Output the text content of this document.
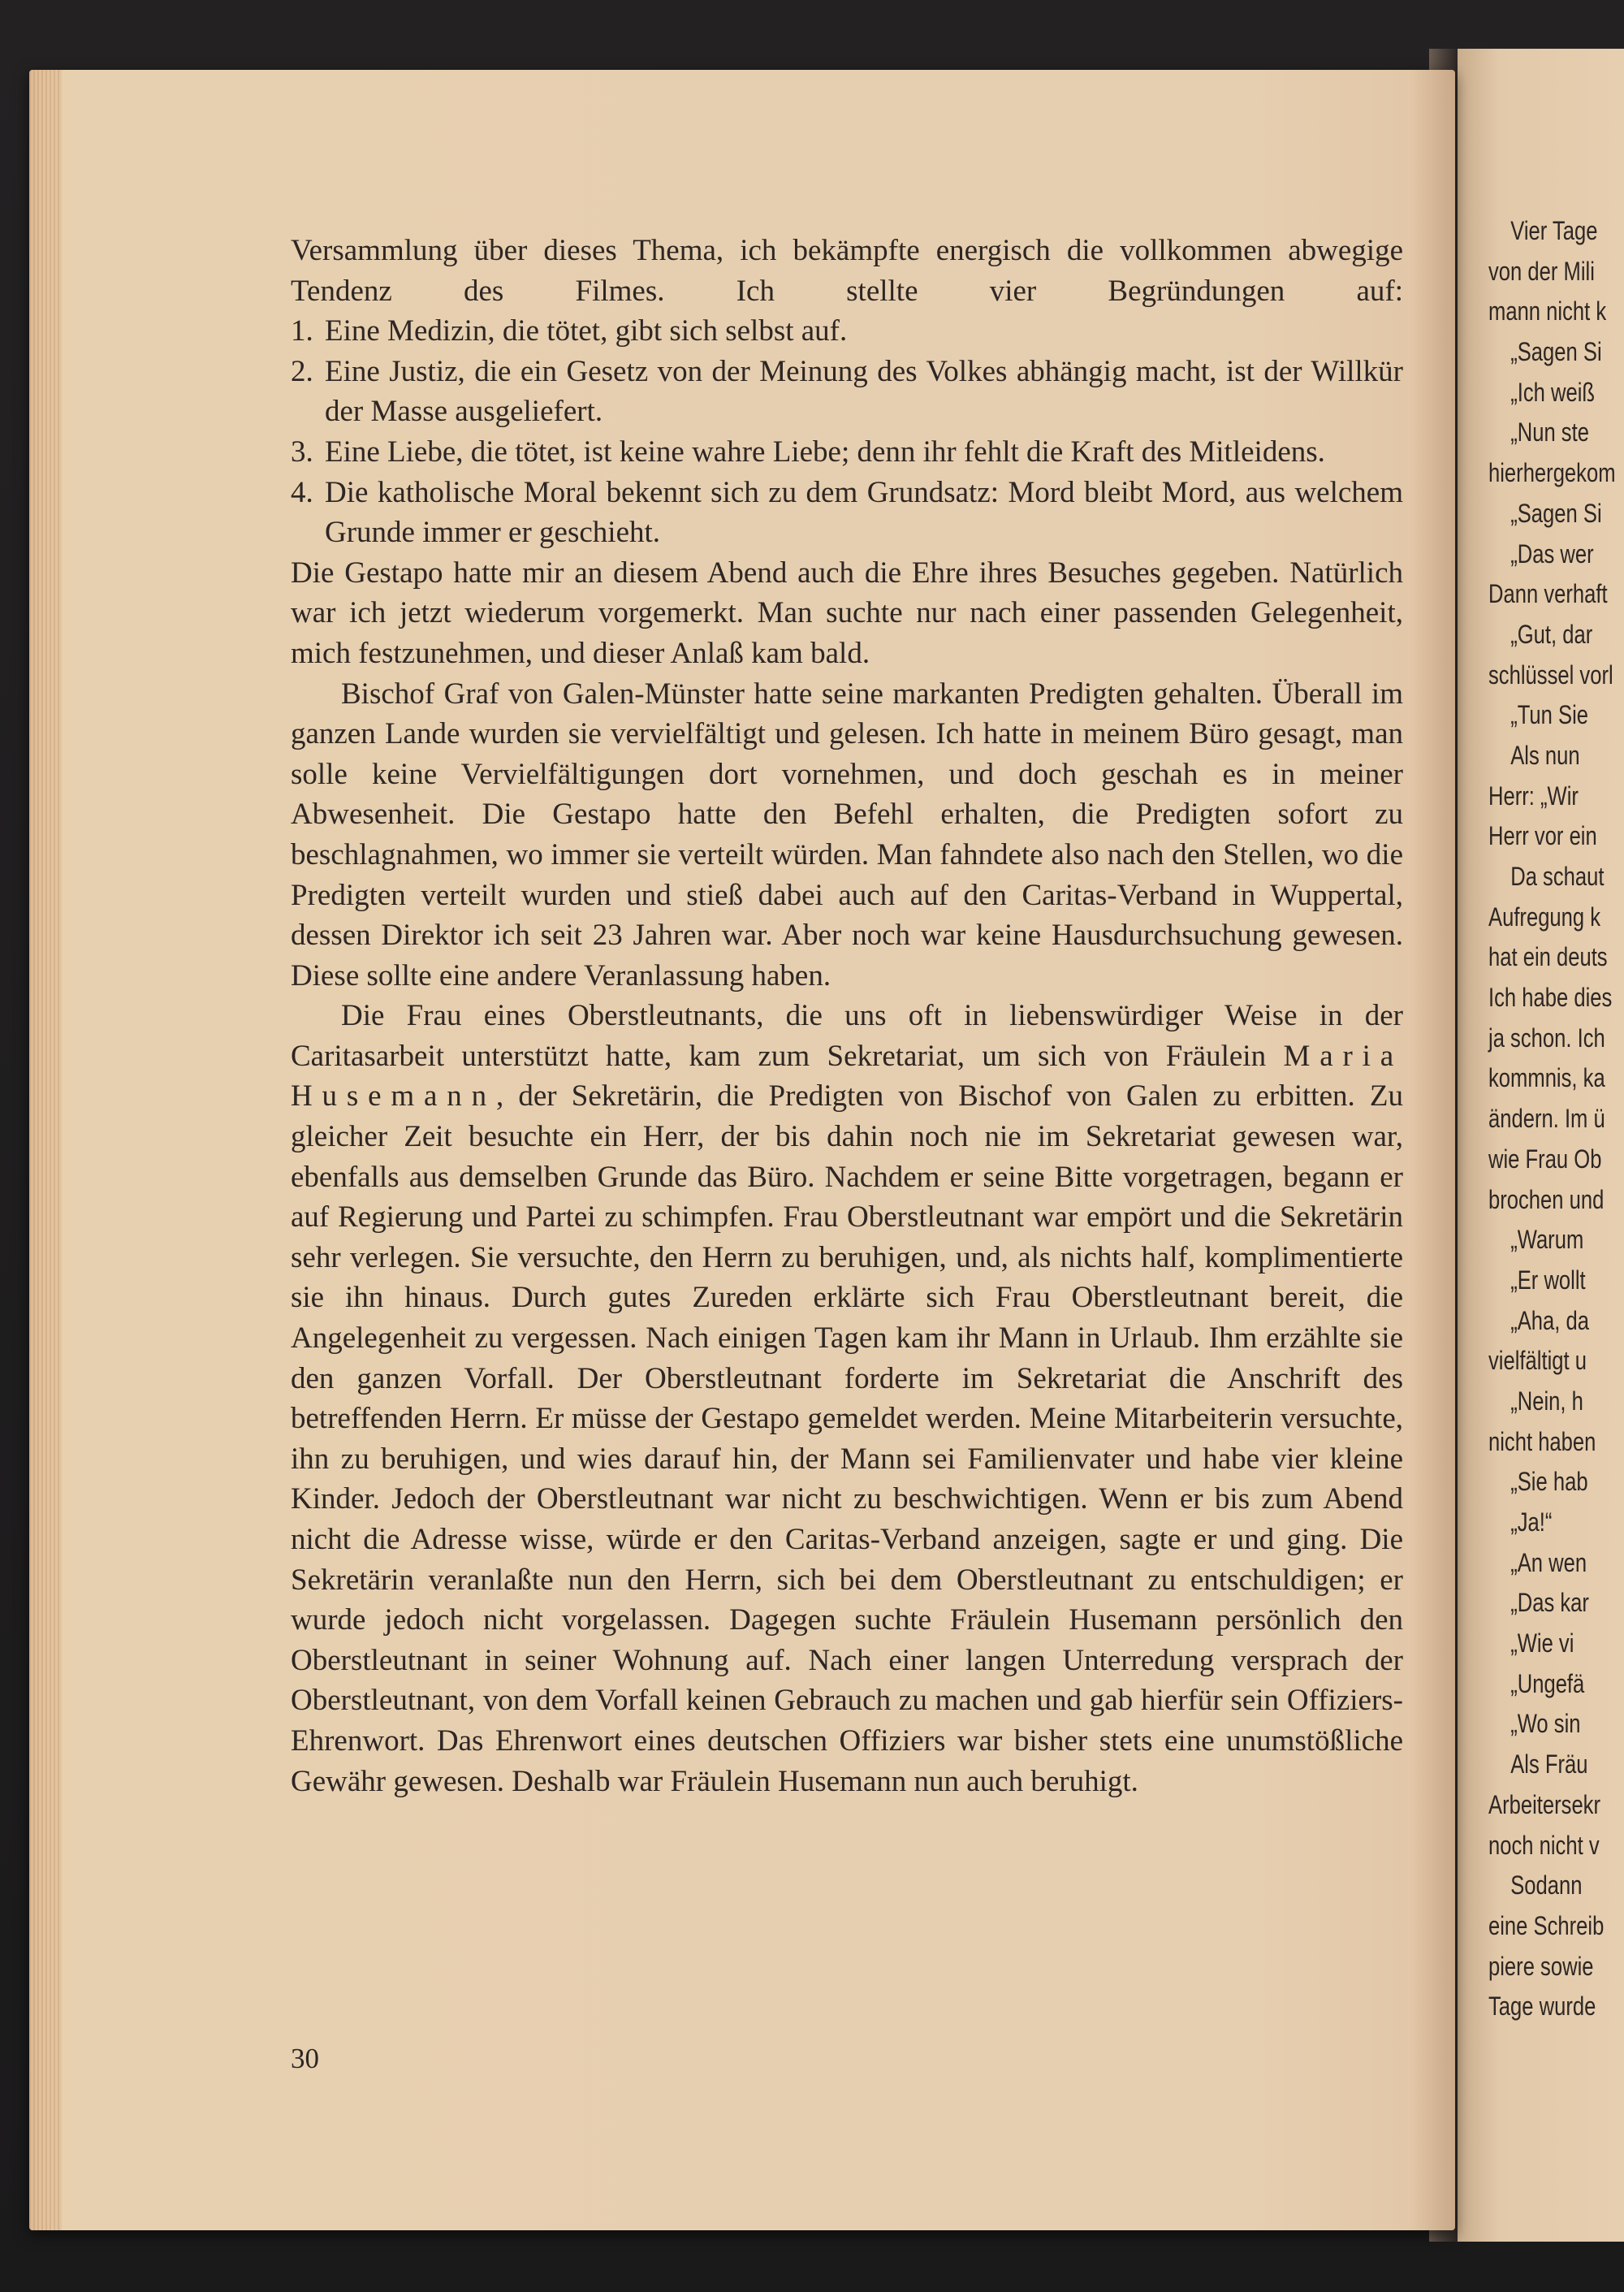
Vier Tage
von der Mili
mann nicht k
„Sagen Si
„Ich weiß
„Nun ste
hierhergekom
„Sagen Si
„Das wer
Dann verhaft
„Gut, dar
schlüssel vorl
„Tun Sie
Als nun
Herr: „Wir
Herr vor ein
Da schaut
Aufregung k
hat ein deuts
Ich habe dies
ja schon. Ich
kommnis, ka
ändern. Im ü
wie Frau Ob
brochen und
„Warum
„Er wollt
„Aha, da
vielfältigt u
„Nein, h
nicht haben
„Sie hab
„Ja!“
„An wen
„Das kar
„Wie vi
„Ungefä
„Wo sin
Als Fräu
Arbeitersekr
noch nicht v
Sodann
eine Schreib
piere sowie
Tage wurde

Versammlung über dieses Thema, ich bekämpfte energisch die vollkommen abwegige Tendenz des Filmes. Ich stellte vier Begründungen auf:

1. Eine Medizin, die tötet, gibt sich selbst auf.
2. Eine Justiz, die ein Gesetz von der Meinung des Volkes abhängig macht, ist der Willkür der Masse ausgeliefert.
3. Eine Liebe, die tötet, ist keine wahre Liebe; denn ihr fehlt die Kraft des Mitleidens.
4. Die katholische Moral bekennt sich zu dem Grundsatz: Mord bleibt Mord, aus welchem Grunde immer er geschieht.

Die Gestapo hatte mir an diesem Abend auch die Ehre ihres Besuches gegeben. Natürlich war ich jetzt wiederum vorgemerkt. Man suchte nur nach einer passenden Gelegenheit, mich festzunehmen, und dieser Anlaß kam bald.

Bischof Graf von Galen-Münster hatte seine markanten Predigten gehalten. Überall im ganzen Lande wurden sie vervielfältigt und gelesen. Ich hatte in meinem Büro gesagt, man solle keine Vervielfältigungen dort vornehmen, und doch geschah es in meiner Abwesenheit. Die Gestapo hatte den Befehl erhalten, die Predigten sofort zu beschlagnahmen, wo immer sie verteilt würden. Man fahndete also nach den Stellen, wo die Predigten verteilt wurden und stieß dabei auch auf den Caritas-Verband in Wuppertal, dessen Direktor ich seit 23 Jahren war. Aber noch war keine Hausdurchsuchung gewesen. Diese sollte eine andere Veranlassung haben.

Die Frau eines Oberstleutnants, die uns oft in liebenswürdiger Weise in der Caritasarbeit unterstützt hatte, kam zum Sekretariat, um sich von Fräulein Maria Husemann, der Sekretärin, die Predigten von Bischof von Galen zu erbitten. Zu gleicher Zeit besuchte ein Herr, der bis dahin noch nie im Sekretariat gewesen war, ebenfalls aus demselben Grunde das Büro. Nachdem er seine Bitte vorgetragen, begann er auf Regierung und Partei zu schimpfen. Frau Oberstleutnant war empört und die Sekretärin sehr verlegen. Sie versuchte, den Herrn zu beruhigen, und, als nichts half, komplimentierte sie ihn hinaus. Durch gutes Zureden erklärte sich Frau Oberstleutnant bereit, die Angelegenheit zu vergessen. Nach einigen Tagen kam ihr Mann in Urlaub. Ihm erzählte sie den ganzen Vorfall. Der Oberstleutnant forderte im Sekretariat die Anschrift des betreffenden Herrn. Er müsse der Gestapo gemeldet werden. Meine Mitarbeiterin versuchte, ihn zu beruhigen, und wies darauf hin, der Mann sei Familienvater und habe vier kleine Kinder. Jedoch der Oberstleutnant war nicht zu beschwichtigen. Wenn er bis zum Abend nicht die Adresse wisse, würde er den Caritas-Verband anzeigen, sagte er und ging. Die Sekretärin veranlaßte nun den Herrn, sich bei dem Oberstleutnant zu entschuldigen; er wurde jedoch nicht vorgelassen. Dagegen suchte Fräulein Husemann persönlich den Oberstleutnant in seiner Wohnung auf. Nach einer langen Unterredung versprach der Oberstleutnant, von dem Vorfall keinen Gebrauch zu machen und gab hierfür sein Offiziers-Ehrenwort. Das Ehrenwort eines deutschen Offiziers war bisher stets eine unumstößliche Gewähr gewesen. Deshalb war Fräulein Husemann nun auch beruhigt.

30
